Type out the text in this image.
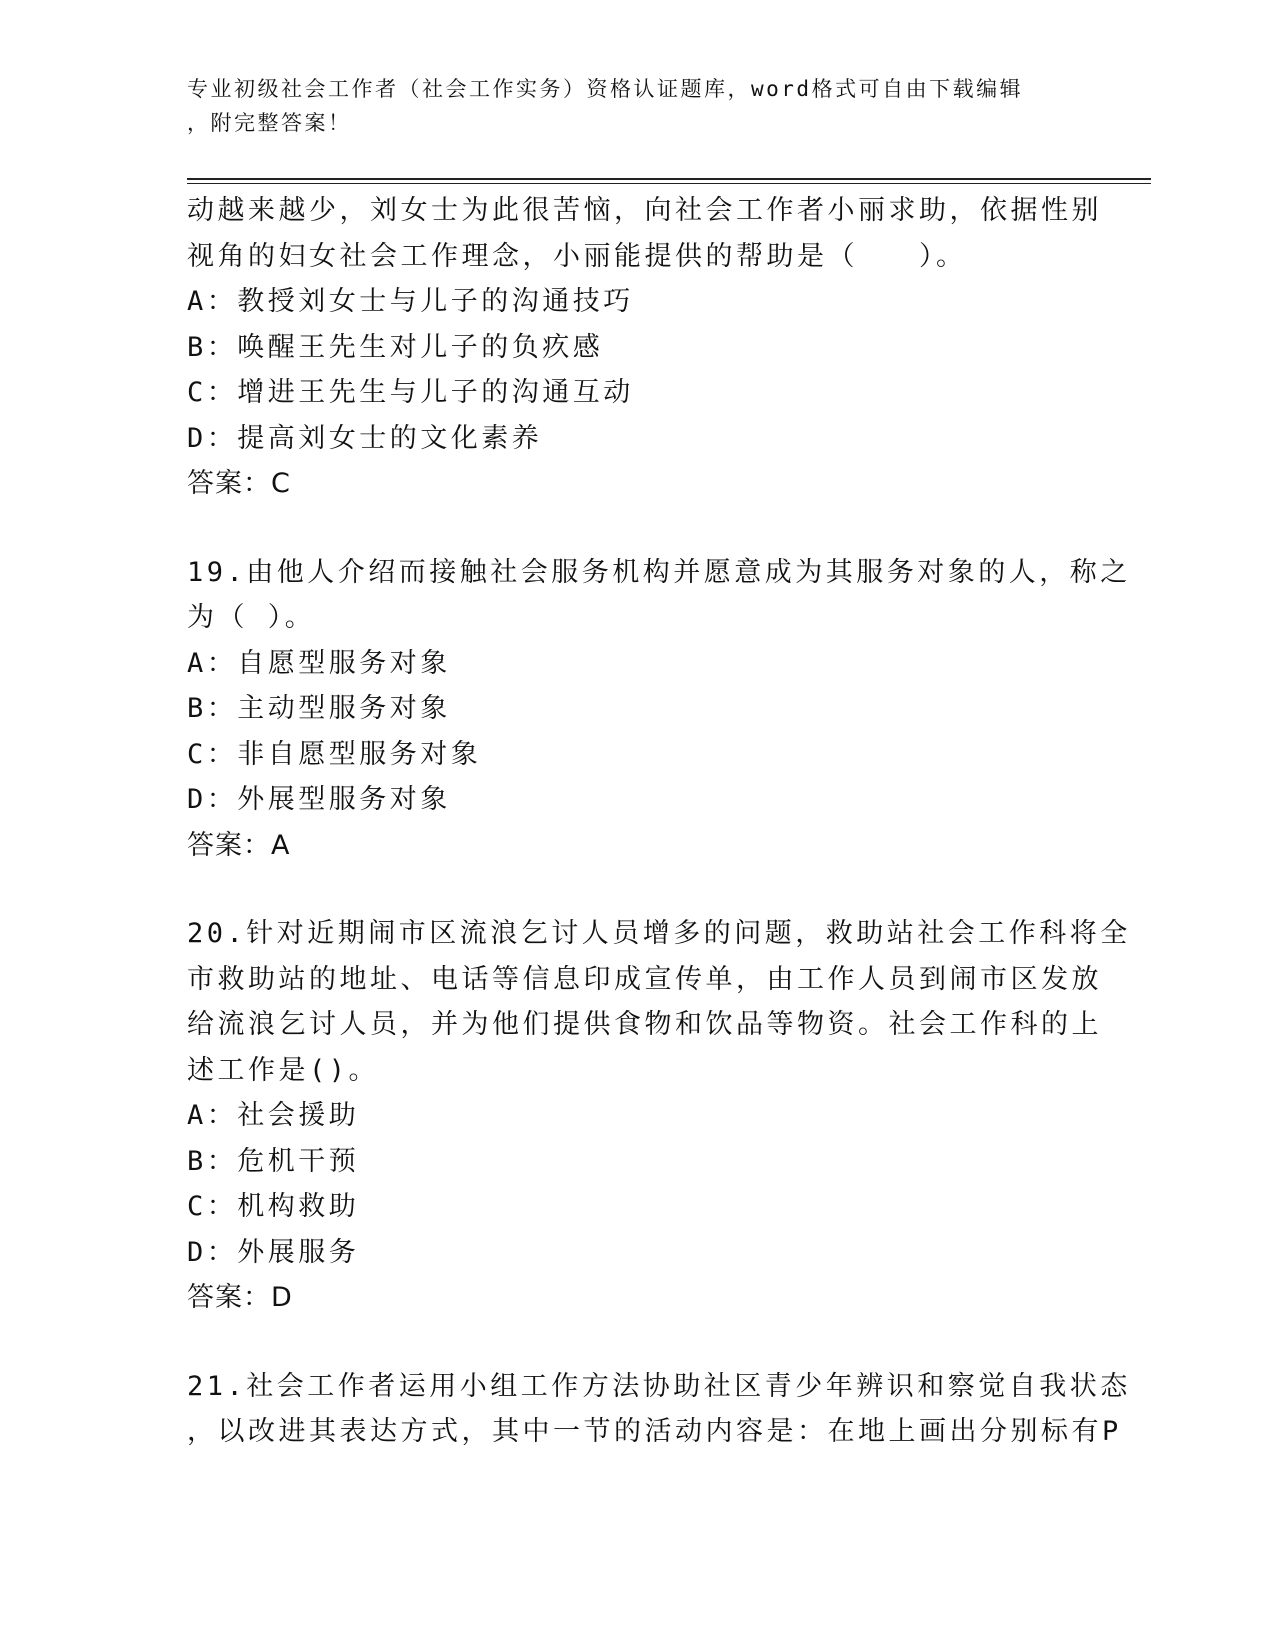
专业初级社会工作者（社会工作实务）资格认证题库，word格式可自由下载编辑
，附完整答案！
动越来越少，刘女士为此很苦恼，向社会工作者小丽求助，依据性别
视角的妇女社会工作理念，小丽能提供的帮助是（　　）。
A：教授刘女士与儿子的沟通技巧
B：唤醒王先生对儿子的负疚感
C：增进王先生与儿子的沟通互动
D：提高刘女士的文化素养
答案：C
19.由他人介绍而接触社会服务机构并愿意成为其服务对象的人，称之
为（ ）。
A：自愿型服务对象
B：主动型服务对象
C：非自愿型服务对象
D：外展型服务对象
答案：A
20.针对近期闹市区流浪乞讨人员增多的问题，救助站社会工作科将全
市救助站的地址、电话等信息印成宣传单，由工作人员到闹市区发放
给流浪乞讨人员，并为他们提供食物和饮品等物资。社会工作科的上
述工作是()。
A：社会援助
B：危机干预
C：机构救助
D：外展服务
答案：D
21.社会工作者运用小组工作方法协助社区青少年辨识和察觉自我状态
，以改进其表达方式，其中一节的活动内容是：在地上画出分别标有P
